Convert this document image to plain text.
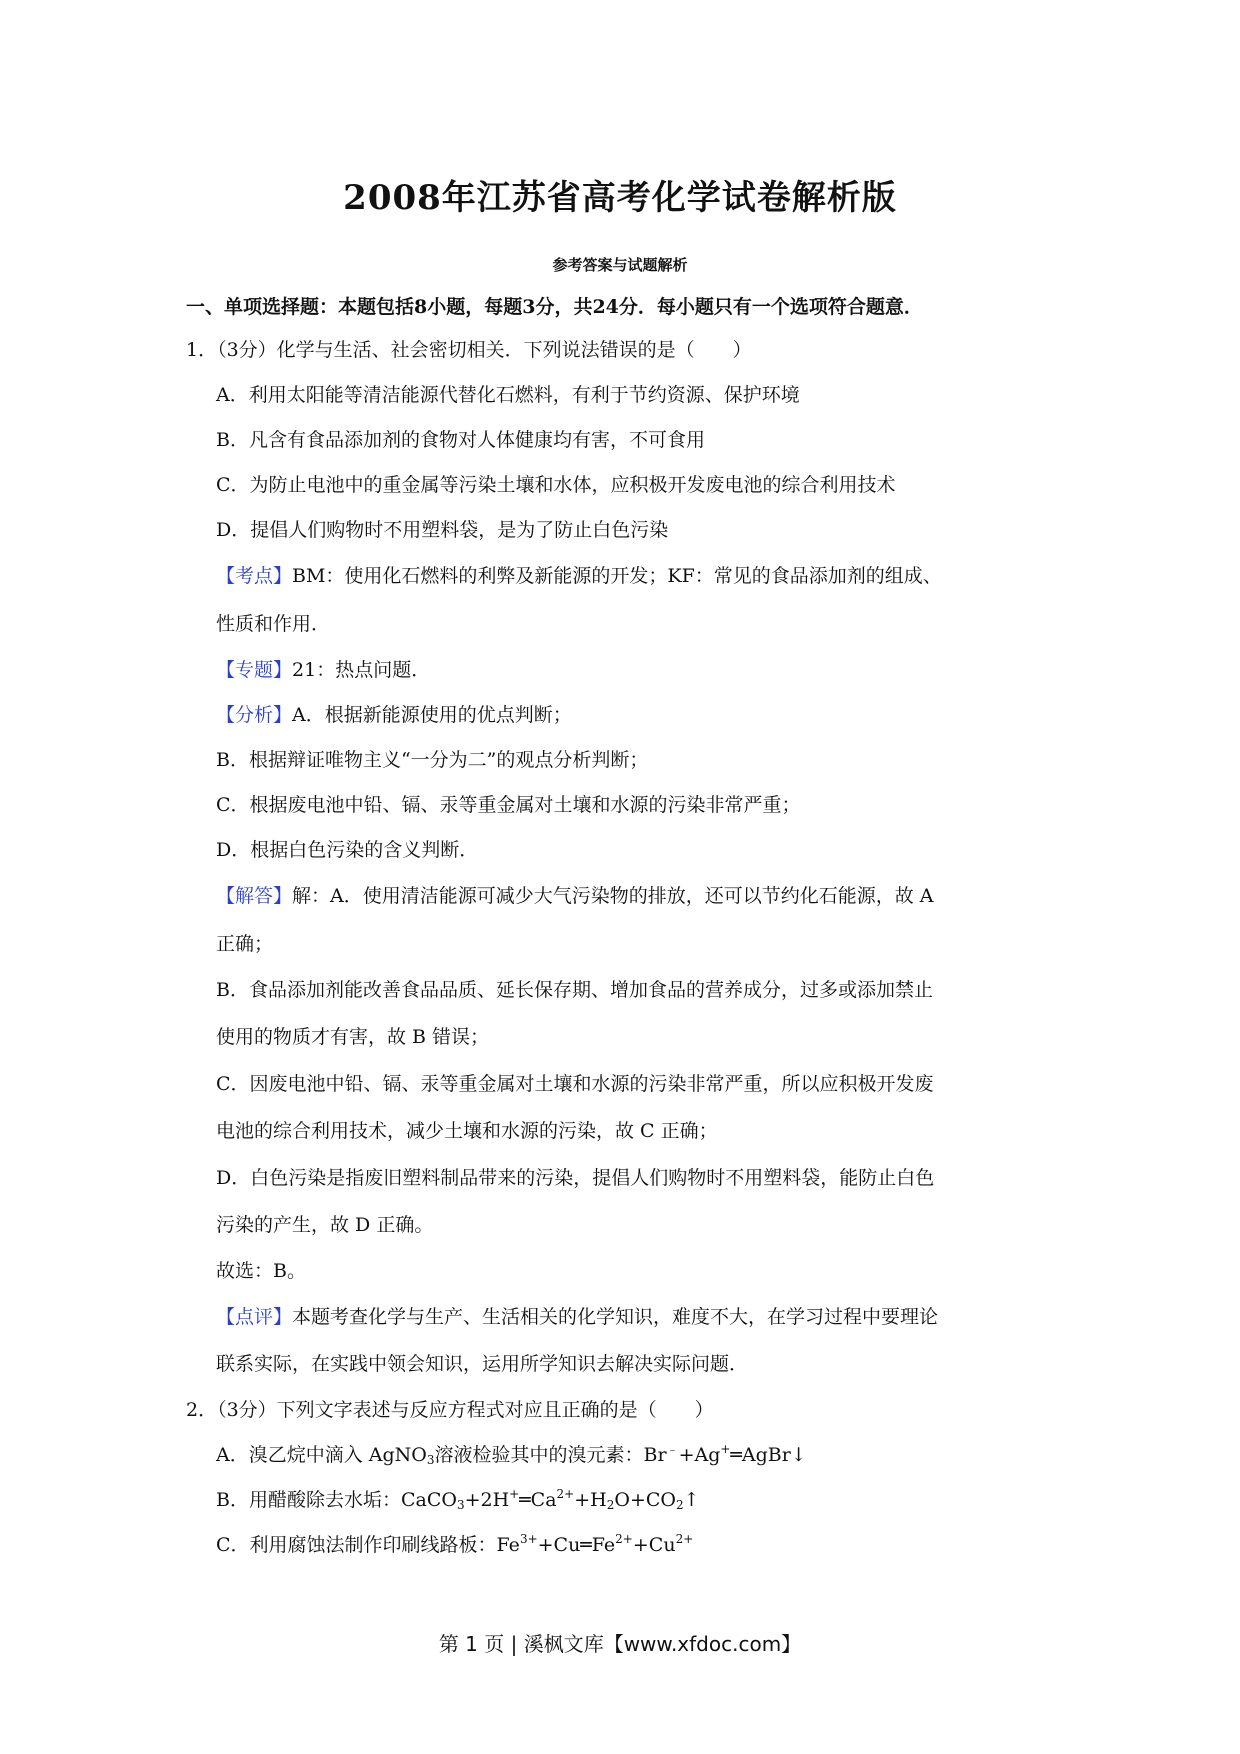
2008年江苏省高考化学试卷解析版
参考答案与试题解析
一、单项选择题：本题包括8小题，每题3分，共24分．每小题只有一个选项符合题意．
1．（3分）化学与生活、社会密切相关．下列说法错误的是（　　）
A．利用太阳能等清洁能源代替化石燃料，有利于节约资源、保护环境
B．凡含有食品添加剂的食物对人体健康均有害，不可食用
C．为防止电池中的重金属等污染土壤和水体，应积极开发废电池的综合利用技术
D．提倡人们购物时不用塑料袋，是为了防止白色污染
【考点】BM：使用化石燃料的利弊及新能源的开发；KF：常见的食品添加剂的组成、
性质和作用．
【专题】21：热点问题．
【分析】A．根据新能源使用的优点判断；
B．根据辩证唯物主义“一分为二”的观点分析判断；
C．根据废电池中铅、镉、汞等重金属对土壤和水源的污染非常严重；
D．根据白色污染的含义判断．
【解答】解：A．使用清洁能源可减少大气污染物的排放，还可以节约化石能源，故 A
正确；
B．食品添加剂能改善食品品质、延长保存期、增加食品的营养成分，过多或添加禁止
使用的物质才有害，故 B 错误；
C．因废电池中铅、镉、汞等重金属对土壤和水源的污染非常严重，所以应积极开发废
电池的综合利用技术，减少土壤和水源的污染，故 C 正确；
D．白色污染是指废旧塑料制品带来的污染，提倡人们购物时不用塑料袋，能防止白色
污染的产生，故 D 正确。
故选：B。
【点评】本题考查化学与生产、生活相关的化学知识，难度不大，在学习过程中要理论
联系实际，在实践中领会知识，运用所学知识去解决实际问题．
2．（3分）下列文字表述与反应方程式对应且正确的是（　　）
A．溴乙烷中滴入 AgNO$_3$溶液检验其中的溴元素：Br﹣+Ag+═AgBr↓
B．用醋酸除去水垢：$CaCO_3+2H^+═Ca^{2+}+H_2O+CO_2↑$
C．利用腐蚀法制作印刷线路板：$Fe^{3+}+Cu═Fe^{2+}+Cu^{2+}$
第 1 页 | 溪枫文库【www.xfdoc.com】
